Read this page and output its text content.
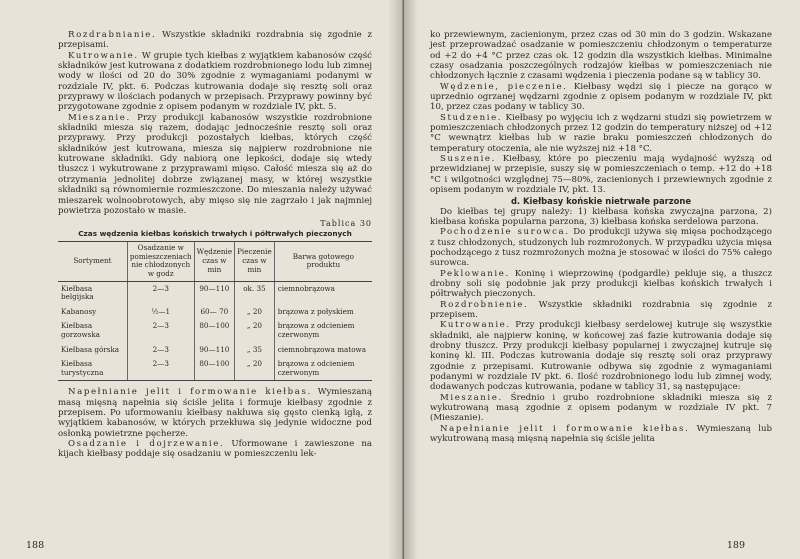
Rozdrabnianie. Wszystkie składniki rozdrabnia się zgodnie z przepisami.

Kutrowanie. W grupie tych kiełbas z wyjątkiem kabanosów część składników jest kutrowana z dodatkiem rozdrobnionego lodu lub zimnej wody w ilości od 20 do 30% zgodnie z wymaganiami podanymi w rozdziale IV, pkt. 6. Podczas kutrowania dodaje się resztę soli oraz przyprawy w ilościach podanych w przepisach. Przyprawy powinny być przygotowane zgodnie z opisem podanym w rozdziale IV, pkt. 5.

Mieszanie. Przy produkcji kabanosów wszystkie rozdrobnione składniki miesza się razem, dodając jednocześnie resztę soli oraz przyprawy. Przy produkcji pozostałych kiełbas, których część składników jest kutrowana, miesza się najpierw rozdrobnione nie kutrowane składniki. Gdy nabiorą one lepkości, dodaje się wtedy tłuszcz i wykutrowane z przyprawami mięso. Całość miesza się aż do otrzymania jednolitej dobrze związanej masy, w której wszystkie składniki są równomiernie rozmieszczone. Do mieszania należy używać mieszarek wolnoobrotowych, aby mięso się nie zagrzało i jak najmniej powietrza pozostało w masie.

Tablica 30

Czas wędzenia kiełbas końskich trwałych i półtrwałych pieczonych

Sortyment	Osadzanie w pomieszczeniach nie chłodzonych w godz	Wędzenie czas w min	Pieczenie czas w min	Barwa gotowego produktu
Kiełbasa belgijska	2—3	90—110	ok. 35	ciemnobrązowa
Kabanosy	½—1	60— 70	„ 20	brązowa z połyskiem
Kiełbasa gorzowska	2—3	80—100	„ 20	brązowa z odcieniem czerwonym
Kiełbasa górska	2—3	90—110	„ 35	ciemnobrązowa matowa
Kiełbasa turystyczna	2—3	80—100	„ 20	brązowa z odcieniem czerwonym

Napełnianie jelit i formowanie kiełbas. Wymieszaną masą mięsną napełnia się ściśle jelita i formuje kiełbasy zgodnie z przepisem. Po uformowaniu kiełbasy nakłuwa się gęsto cienką igłą, z wyjątkiem kabanosów, w których przekłuwa się jedynie widoczne pod osłonką powietrzne pęcherze.

Osadzanie i dojrzewanie. Uformowane i zawieszone na kijach kiełbasy poddaje się osadzaniu w pomieszczeniu lek-

188

ko przewiewnym, zacienionym, przez czas od 30 min do 3 godzin. Wskazane jest przeprowadzać osadzanie w pomieszczeniu chłodzonym o temperaturze od +2 do +4 °C przez czas ok. 12 godzin dla wszystkich kiełbas. Minimalne czasy osadzania poszczególnych rodzajów kiełbas w pomieszczeniach nie chłodzonych łącznie z czasami wędzenia i pieczenia podane są w tablicy 30.

Wędzenie, pieczenie. Kiełbasy wędzi się i piecze na gorąco w uprzednio ogrzanej wędzarni zgodnie z opisem podanym w rozdziale IV, pkt 10, przez czas podany w tablicy 30.

Studzenie. Kiełbasy po wyjęciu ich z wędzarni studzi się powietrzem w pomieszczeniach chłodzonych przez 12 godzin do temperatury niższej od +12 °C wewnątrz kiełbas lub w razie braku pomieszczeń chłodzonych do temperatury otoczenia, ale nie wyższej niż +18 °C.

Suszenie. Kiełbasy, które po pieczeniu mają wydajność wyższą od przewidzianej w przepisie, suszy się w pomieszczeniach o temp. +12 do +18 °C i wilgotności względnej 75—80%, zacienionych i przewiewnych zgodnie z opisem podanym w rozdziale IV, pkt. 13.

d. Kiełbasy końskie nietrwałe parzone

Do kiełbas tej grupy należy: 1) kiełbasa końska zwyczajna parzona, 2) kiełbasa końska popularna parzona, 3) kiełbasa końska serdelowa parzona.

Pochodzenie surowca. Do produkcji używa się mięsa pochodzącego z tusz chłodzonych, studzonych lub rozmrożonych. W przypadku użycia mięsa pochodzącego z tusz rozmrożonych można je stosować w ilości do 75% całego surowca.

Peklowanie. Koninę i wieprzowinę (podgardle) pekluje się, a tłuszcz drobny soli się podobnie jak przy produkcji kiełbas końskich trwałych i półtrwałych pieczonych.

Rozdrobnienie. Wszystkie składniki rozdrabnia się zgodnie z przepisem.

Kutrowanie. Przy produkcji kiełbasy serdelowej kutruje się wszystkie składniki, ale najpierw koninę, w końcowej zaś fazie kutrowania dodaje się drobny tłuszcz. Przy produkcji kiełbasy popularnej i zwyczajnej kutruje się koninę kl. III. Podczas kutrowania dodaje się resztę soli oraz przyprawy zgodnie z przepisami. Kutrowanie odbywa się zgodnie z wymaganiami podanymi w rozdziale IV pkt. 6. Ilość rozdrobnionego lodu lub zimnej wody, dodawanych podczas kutrowania, podane w tablicy 31, są następujące:

Mieszanie. Średnio i grubo rozdrobnione składniki miesza się z wykutrowaną masą zgodnie z opisem podanym w rozdziale IV pkt. 7 (Mieszanie).

Napełnianie jelit i formowanie kiełbas. Wymieszaną lub wykutrowaną masą mięsną napełnia się ściśle jelita

189
